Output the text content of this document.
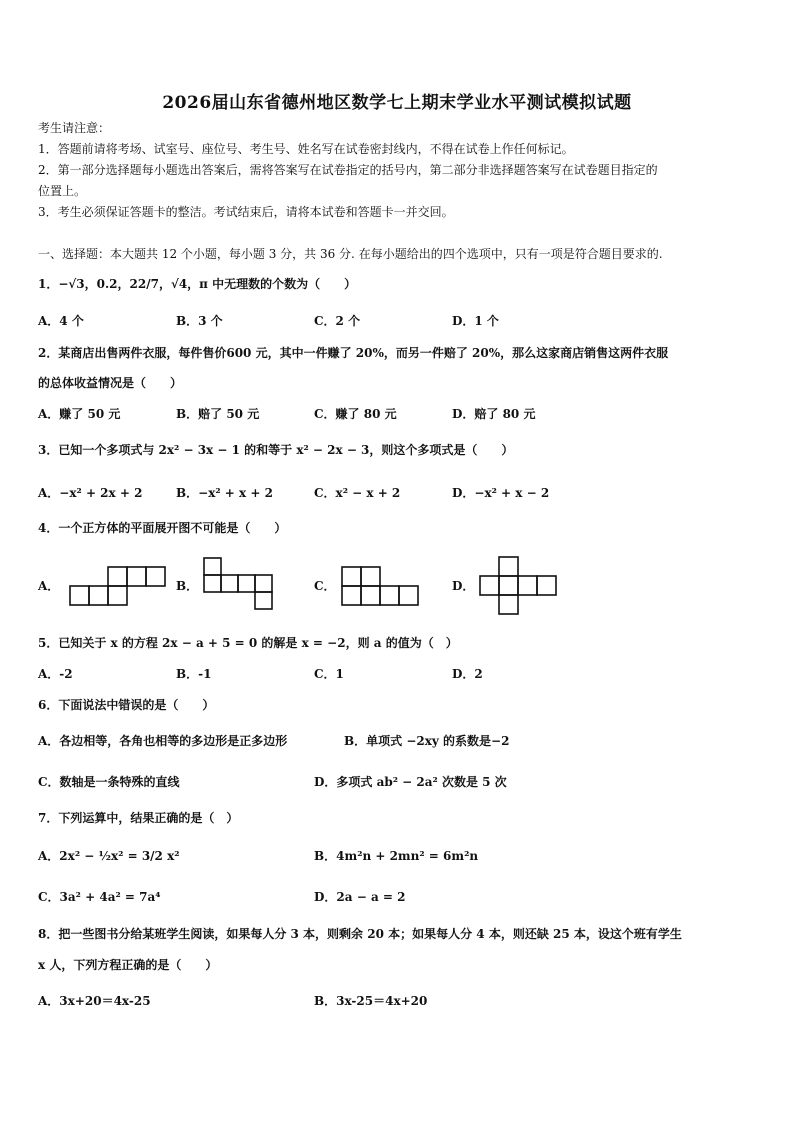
2026届山东省德州地区数学七上期末学业水平测试模拟试题
考生请注意：
1．答题前请将考场、试室号、座位号、考生号、姓名写在试卷密封线内，不得在试卷上作任何标记。
2．第一部分选择题每小题选出答案后，需将答案写在试卷指定的括号内，第二部分非选择题答案写在试卷题目指定的
位置上。
3．考生必须保证答题卡的整洁。考试结束后，请将本试卷和答题卡一并交回。
一、选择题：本大题共 12 个小题，每小题 3 分，共 36 分. 在每小题给出的四个选项中，只有一项是符合题目要求的.
1．−√3，0.2，22/7，√4，π 中无理数的个数为（　　）
A．4 个	B．3 个	C．2 个	D．1 个
2．某商店出售两件衣服，每件售价600 元，其中一件赚了 20%，而另一件赔了 20%，那么这家商店销售这两件衣服
的总体收益情况是（　　）
A．赚了 50 元	B．赔了 50 元	C．赚了 80 元	D．赔了 80 元
3．已知一个多项式与 2x² − 3x − 1 的和等于 x² − 2x − 3，则这个多项式是（　　）
A．−x² + 2x + 2	B．−x² + x + 2	C．x² − x + 2	D．−x² + x − 2
4．一个正方体的平面展开图不可能是（　　）
A．	B．	C．	D．
5．已知关于 x 的方程 2x − a + 5 = 0 的解是 x = −2，则 a 的值为（　）
A．-2	B．-1	C．1	D．2
6．下面说法中错误的是（　　）
A．各边相等，各角也相等的多边形是正多边形	B．单项式 −2xy 的系数是−2
C．数轴是一条特殊的直线	D．多项式 ab² − 2a² 次数是 5 次
7．下列运算中，结果正确的是（　）
A．2x² − ½x² = 3/2 x²	B．4m²n + 2mn² = 6m²n
C．3a² + 4a² = 7a⁴	D．2a − a = 2
8．把一些图书分给某班学生阅读，如果每人分 3 本，则剩余 20 本；如果每人分 4 本，则还缺 25 本，设这个班有学生
x 人，下列方程正确的是（　　）
A．3x+20＝4x-25	B．3x-25＝4x+20
